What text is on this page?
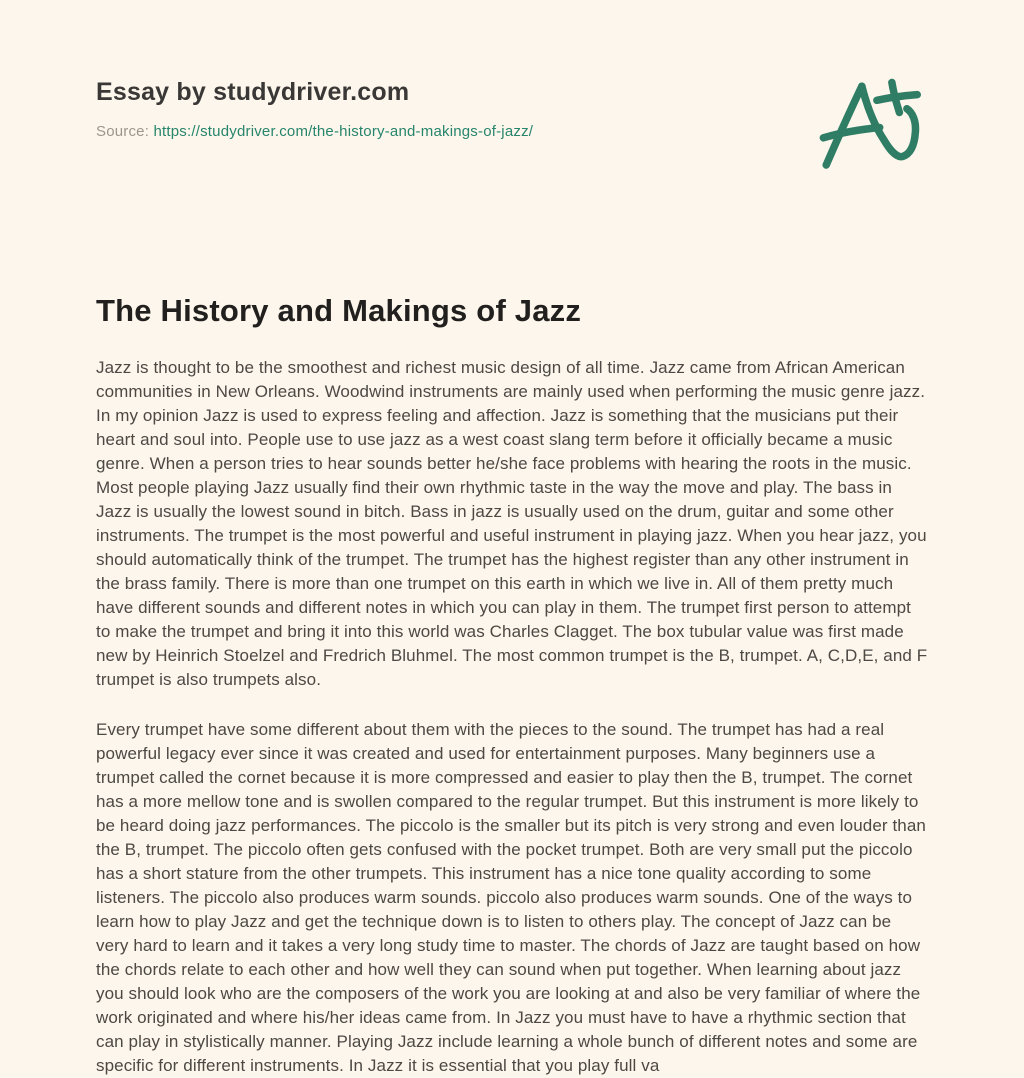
Essay by studydriver.com
Source: https://studydriver.com/the-history-and-makings-of-jazz/
The History and Makings of Jazz

Jazz is thought to be the smoothest and richest music design of all time. Jazz came from African American communities in New Orleans. Woodwind instruments are mainly used when performing the music genre jazz. In my opinion Jazz is used to express feeling and affection. Jazz is something that the musicians put their heart and soul into. People use to use jazz as a west coast slang term before it officially became a music genre. When a person tries to hear sounds better he/she face problems with hearing the roots in the music. Most people playing Jazz usually find their own rhythmic taste in the way the move and play. The bass in Jazz is usually the lowest sound in bitch. Bass in jazz is usually used on the drum, guitar and some other instruments. The trumpet is the most powerful and useful instrument in playing jazz. When you hear jazz, you should automatically think of the trumpet. The trumpet has the highest register than any other instrument in the brass family. There is more than one trumpet on this earth in which we live in. All of them pretty much have different sounds and different notes in which you can play in them. The trumpet first person to attempt to make the trumpet and bring it into this world was Charles Clagget. The box tubular value was first made new by Heinrich Stoelzel and Fredrich Bluhmel. The most common trumpet is the B, trumpet. A, C,D,E, and F trumpet is also trumpets also.

Every trumpet have some different about them with the pieces to the sound. The trumpet has had a real powerful legacy ever since it was created and used for entertainment purposes. Many beginners use a trumpet called the cornet because it is more compressed and easier to play then the B, trumpet. The cornet has a more mellow tone and is swollen compared to the regular trumpet. But this instrument is more likely to be heard doing jazz performances. The piccolo is the smaller but its pitch is very strong and even louder than the B, trumpet. The piccolo often gets confused with the pocket trumpet. Both are very small put the piccolo has a short stature from the other trumpets. This instrument has a nice tone quality according to some listeners. The piccolo also produces warm sounds. piccolo also produces warm sounds. One of the ways to learn how to play Jazz and get the technique down is to listen to others play. The concept of Jazz can be very hard to learn and it takes a very long study time to master. The chords of Jazz are taught based on how the chords relate to each other and how well they can sound when put together. When learning about jazz you should look who are the composers of the work you are looking at and also be very familiar of where the work originated and where his/her ideas came from. In Jazz you must have to have a rhythmic section that can play in stylistically manner. Playing Jazz include learning a whole bunch of different notes and some are specific for different instruments. In Jazz it is essential that you play full va
